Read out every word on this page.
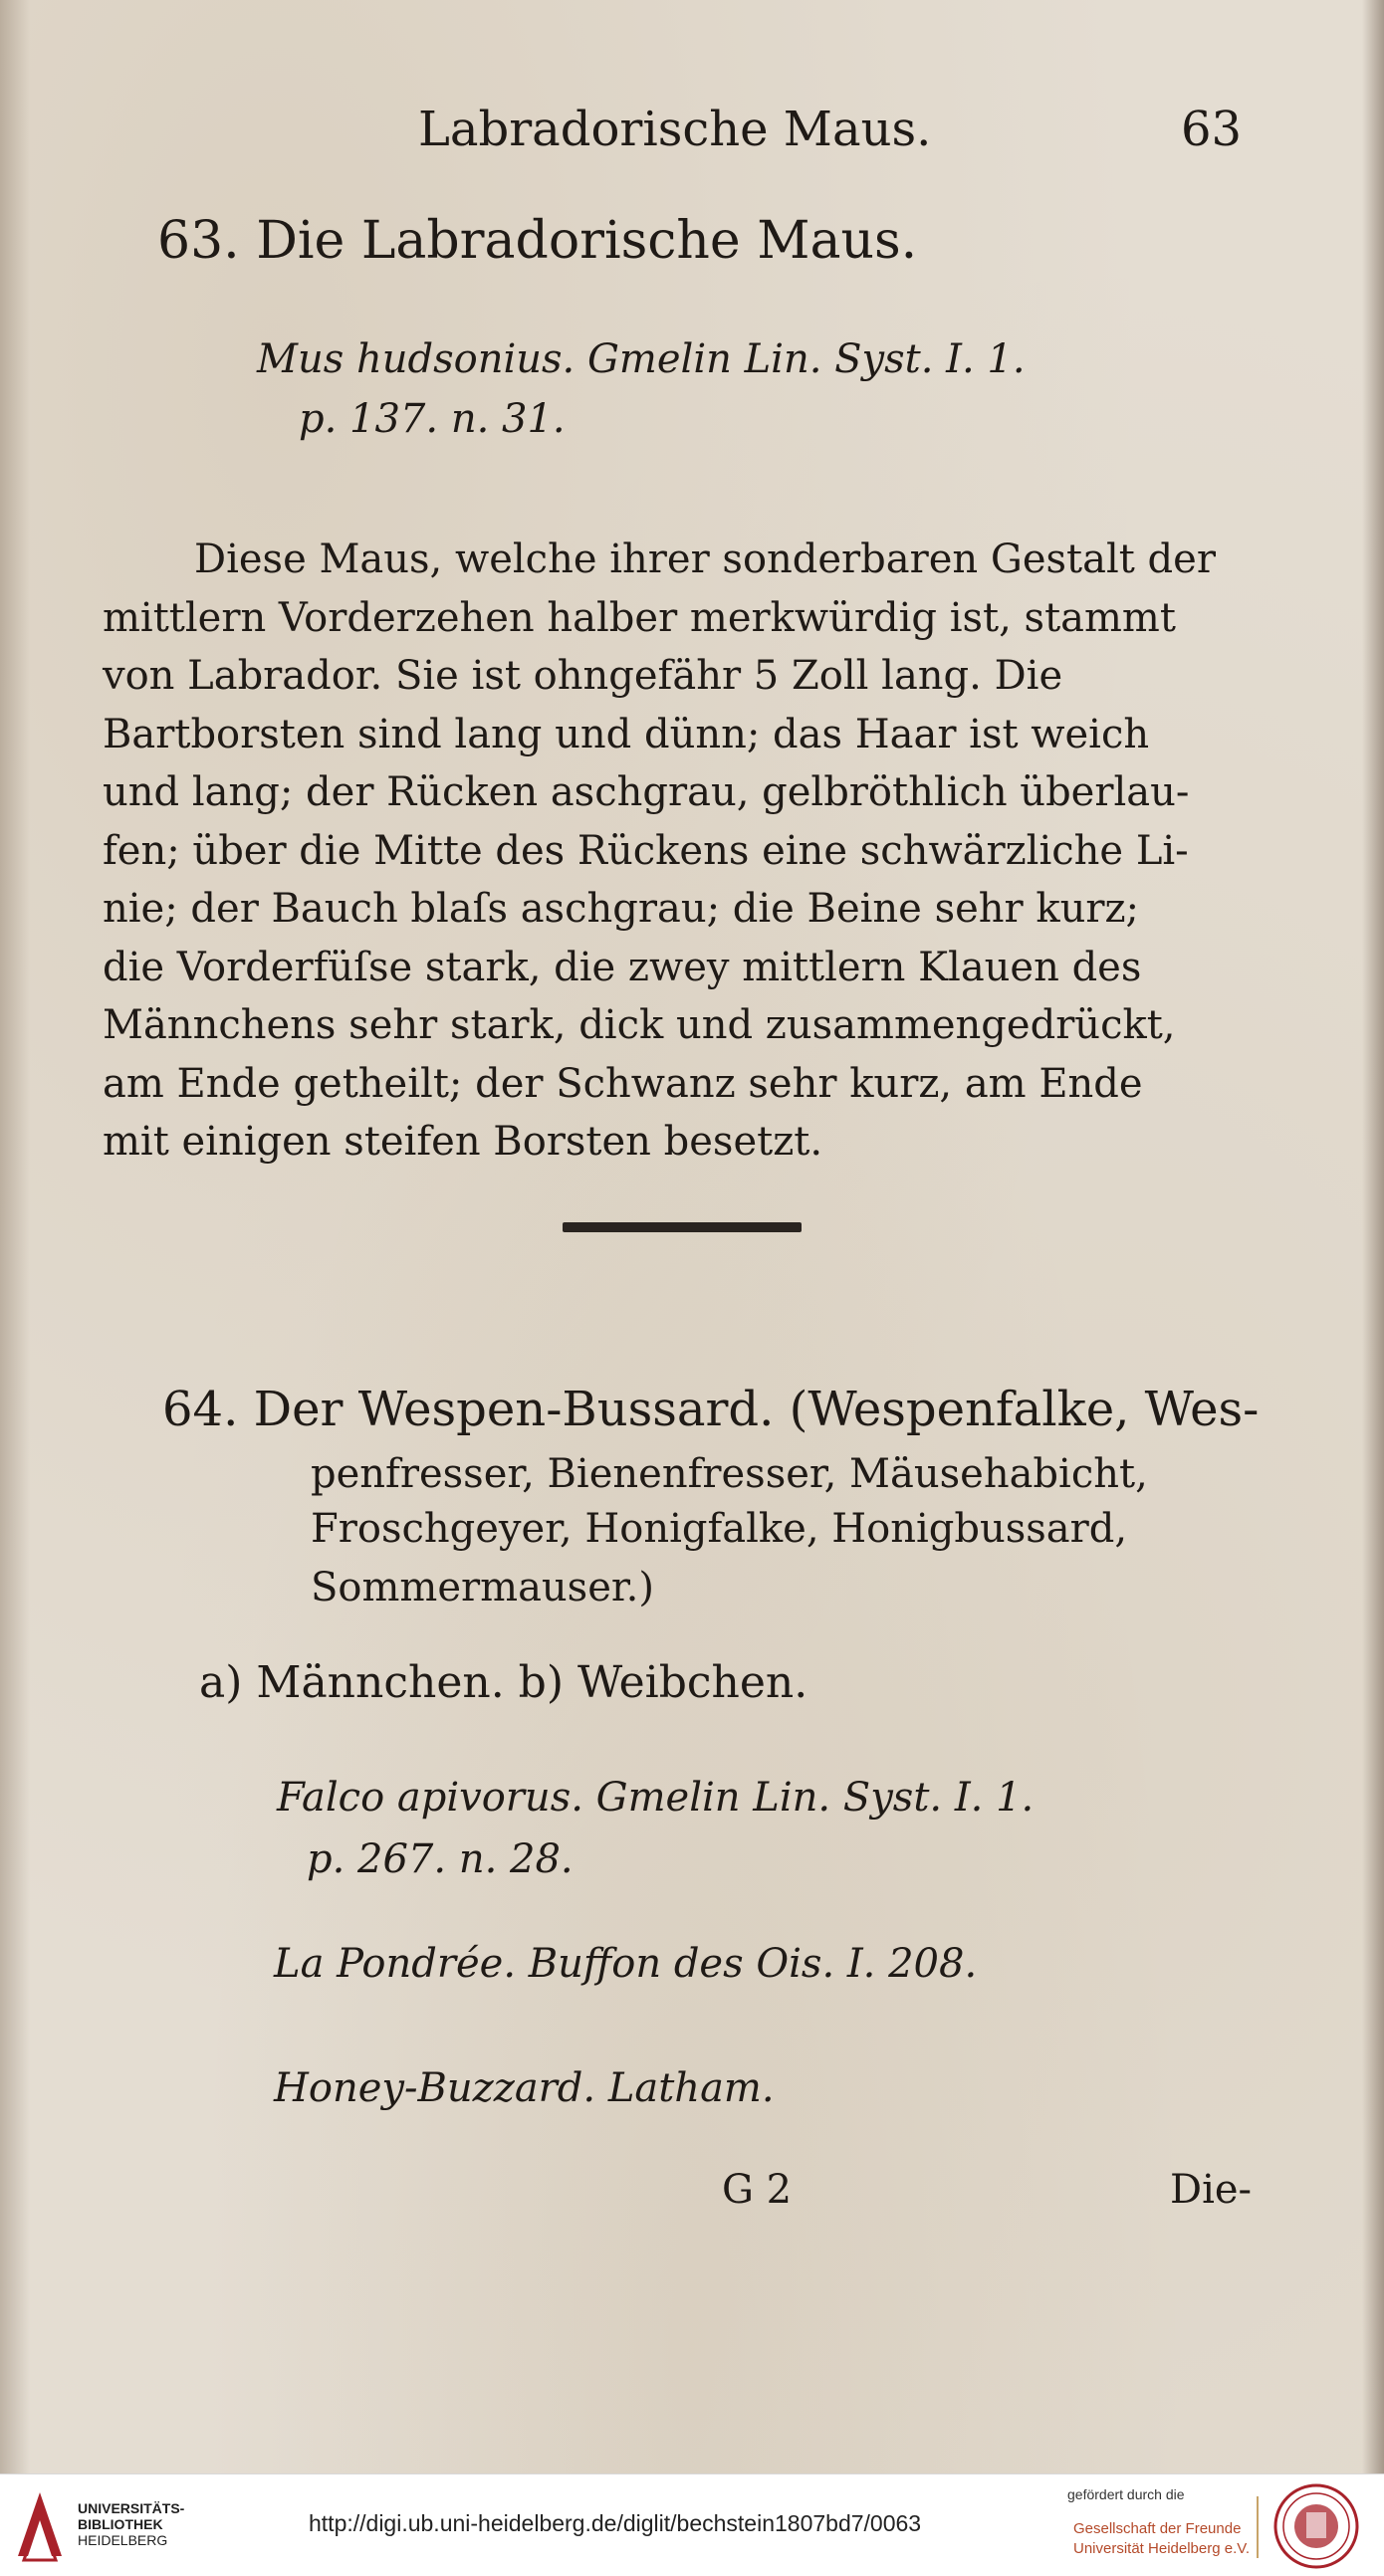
Labradorische Maus.	63
63. Die Labradorische Maus.
Mus hudsonius. Gmelin Lin. Syst. I. 1.
p. 137. n. 31.
Diese Maus, welche ihrer sonderbaren Gestalt der
mittlern Vorderzehen halber merkwürdig ist, stammt
von Labrador. Sie ist ohngefähr 5 Zoll lang. Die
Bartborsten sind lang und dünn; das Haar ist weich
und lang; der Rücken aschgrau, gelbröthlich überlau-
fen; über die Mitte des Rückens eine schwärzliche Li-
nie; der Bauch blaſs aschgrau; die Beine sehr kurz;
die Vorderfüſse stark, die zwey mittlern Klauen des
Männchens sehr stark, dick und zusammengedrückt,
am Ende getheilt; der Schwanz sehr kurz, am Ende
mit einigen steifen Borsten besetzt.
64. Der Wespen-Bussard. (Wespenfalke, Wes-
penfresser, Bienenfresser, Mäusehabicht,
Froschgeyer, Honigfalke, Honigbussard,
Sommermauser.)
a) Männchen. b) Weibchen.
Falco apivorus. Gmelin Lin. Syst. I. 1.
p. 267. n. 28.
La Pondrée. Buffon des Ois. I. 208.
Honey-Buzzard. Latham.
G 2	Die-
UNIVERSITÄTS-
BIBLIOTHEK
HEIDELBERG
http://digi.ub.uni-heidelberg.de/diglit/bechstein1807bd7/0063
gefördert durch die
Gesellschaft der Freunde
Universität Heidelberg e.V.
